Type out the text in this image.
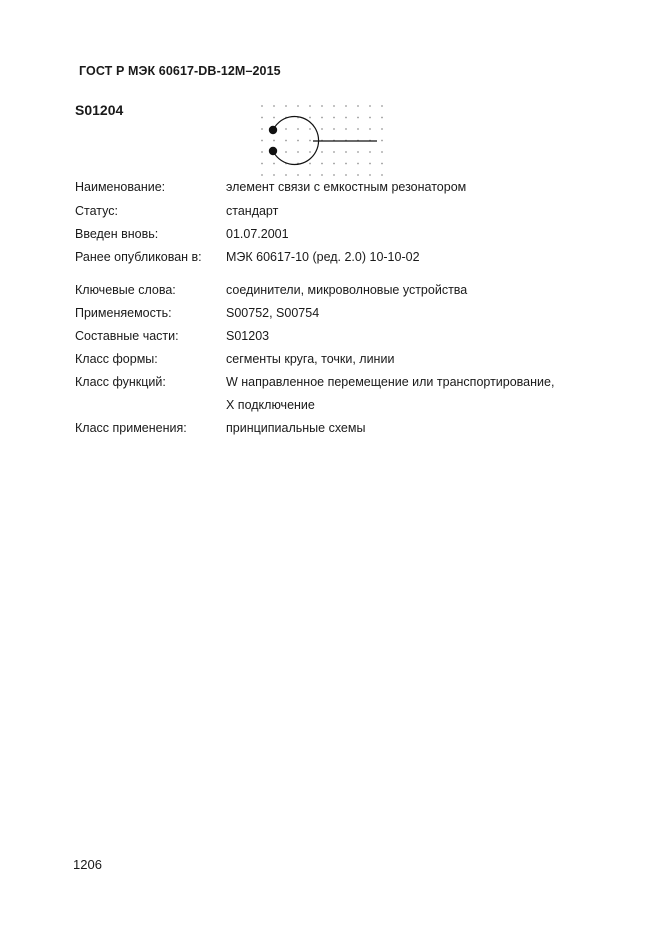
ГОСТ Р МЭК 60617-DB-12M–2015
S01204
Наименование:	элемент связи с емкостным резонатором
Статус:	стандарт
Введен вновь:	01.07.2001
Ранее опубликован в: МЭК 60617-10 (ред. 2.0) 10-10-02
Ключевые слова:	соединители, микроволновые устройства
Применяемость:	S00752, S00754
Составные части:	S01203
Класс формы:	сегменты круга, точки, линии
Класс функций:	W направленное перемещение или транспортирование,
X подключение
Класс применения:	принципиальные схемы
1206
